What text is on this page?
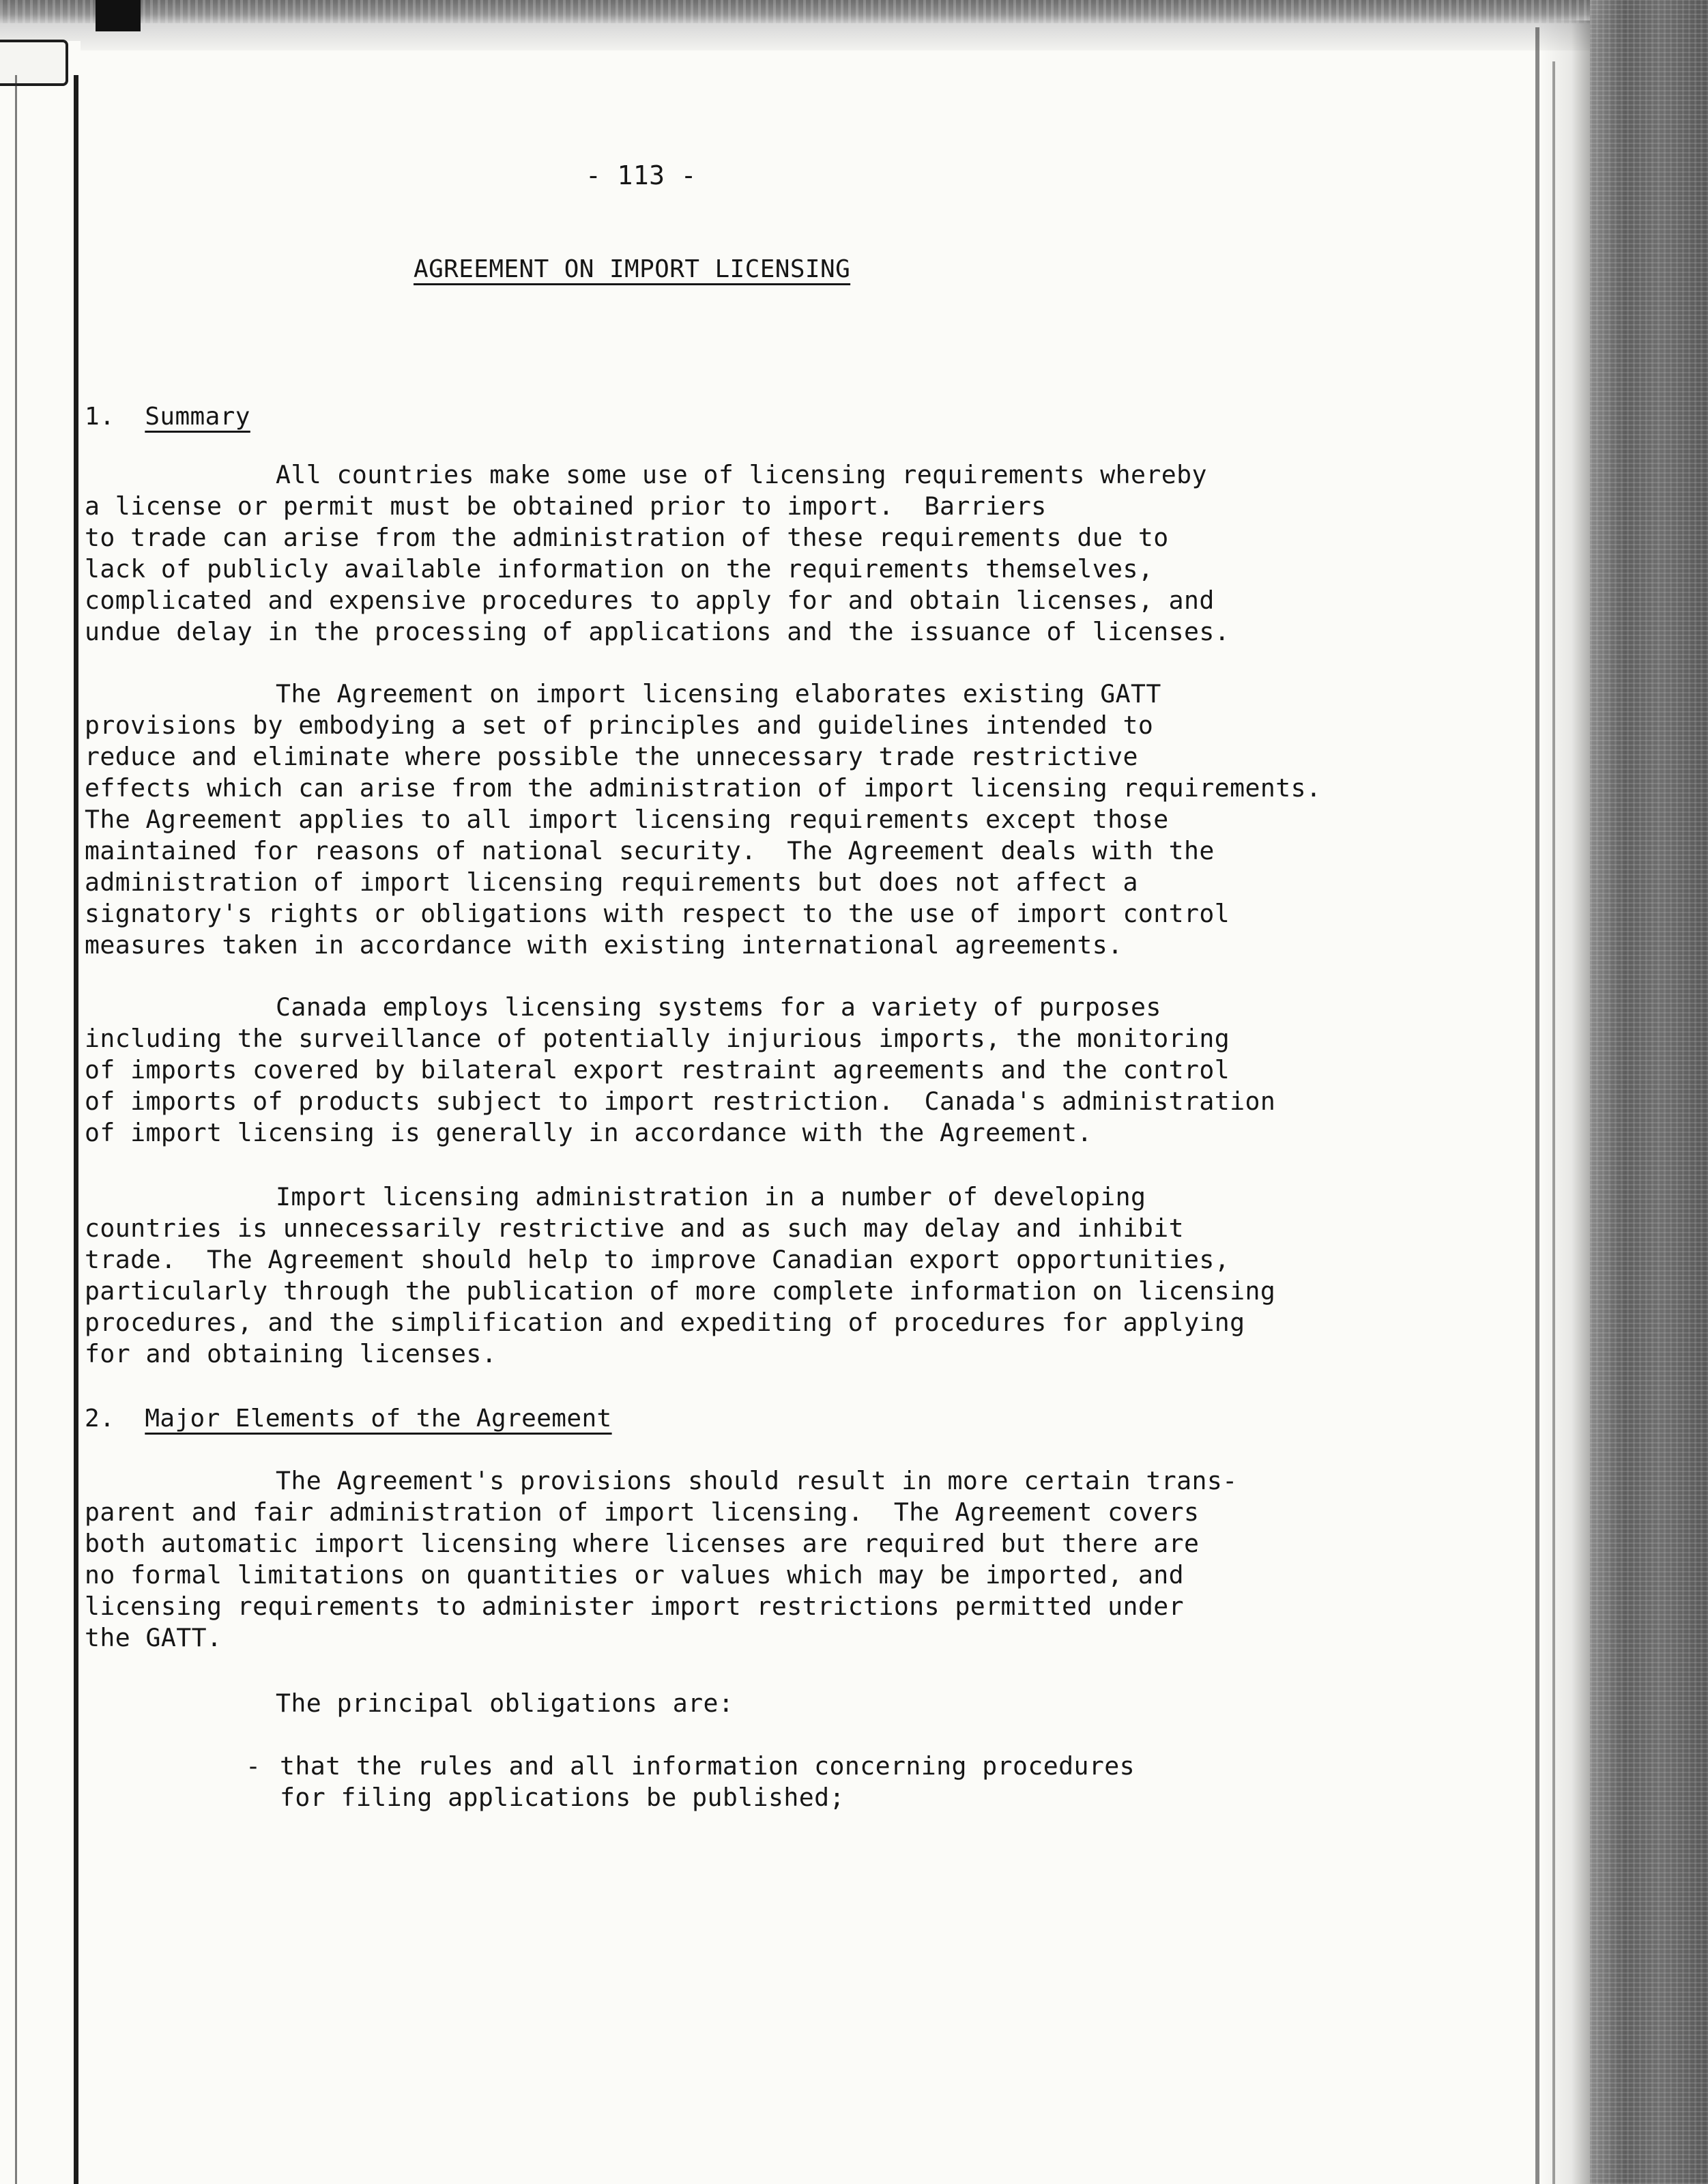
- 113 -

AGREEMENT ON IMPORT LICENSING

1. Summary

All countries make some use of licensing requirements whereby

a license or permit must be obtained prior to import.  Barriers

to trade can arise from the administration of these requirements due to

lack of publicly available information on the requirements themselves,

complicated and expensive procedures to apply for and obtain licenses, and

undue delay in the processing of applications and the issuance of licenses.

The Agreement on import licensing elaborates existing GATT

provisions by embodying a set of principles and guidelines intended to

reduce and eliminate where possible the unnecessary trade restrictive

effects which can arise from the administration of import licensing requirements.

The Agreement applies to all import licensing requirements except those

maintained for reasons of national security.  The Agreement deals with the

administration of import licensing requirements but does not affect a

signatory's rights or obligations with respect to the use of import control

measures taken in accordance with existing international agreements.

Canada employs licensing systems for a variety of purposes

including the surveillance of potentially injurious imports, the monitoring

of imports covered by bilateral export restraint agreements and the control

of imports of products subject to import restriction.  Canada's administration

of import licensing is generally in accordance with the Agreement.

Import licensing administration in a number of developing

countries is unnecessarily restrictive and as such may delay and inhibit

trade.  The Agreement should help to improve Canadian export opportunities,

particularly through the publication of more complete information on licensing

procedures, and the simplification and expediting of procedures for applying

for and obtaining licenses.

2. Major Elements of the Agreement

The Agreement's provisions should result in more certain trans-

parent and fair administration of import licensing.  The Agreement covers

both automatic import licensing where licenses are required but there are

no formal limitations on quantities or values which may be imported, and

licensing requirements to administer import restrictions permitted under

the GATT.

The principal obligations are:

- that the rules and all information concerning procedures

for filing applications be published;
